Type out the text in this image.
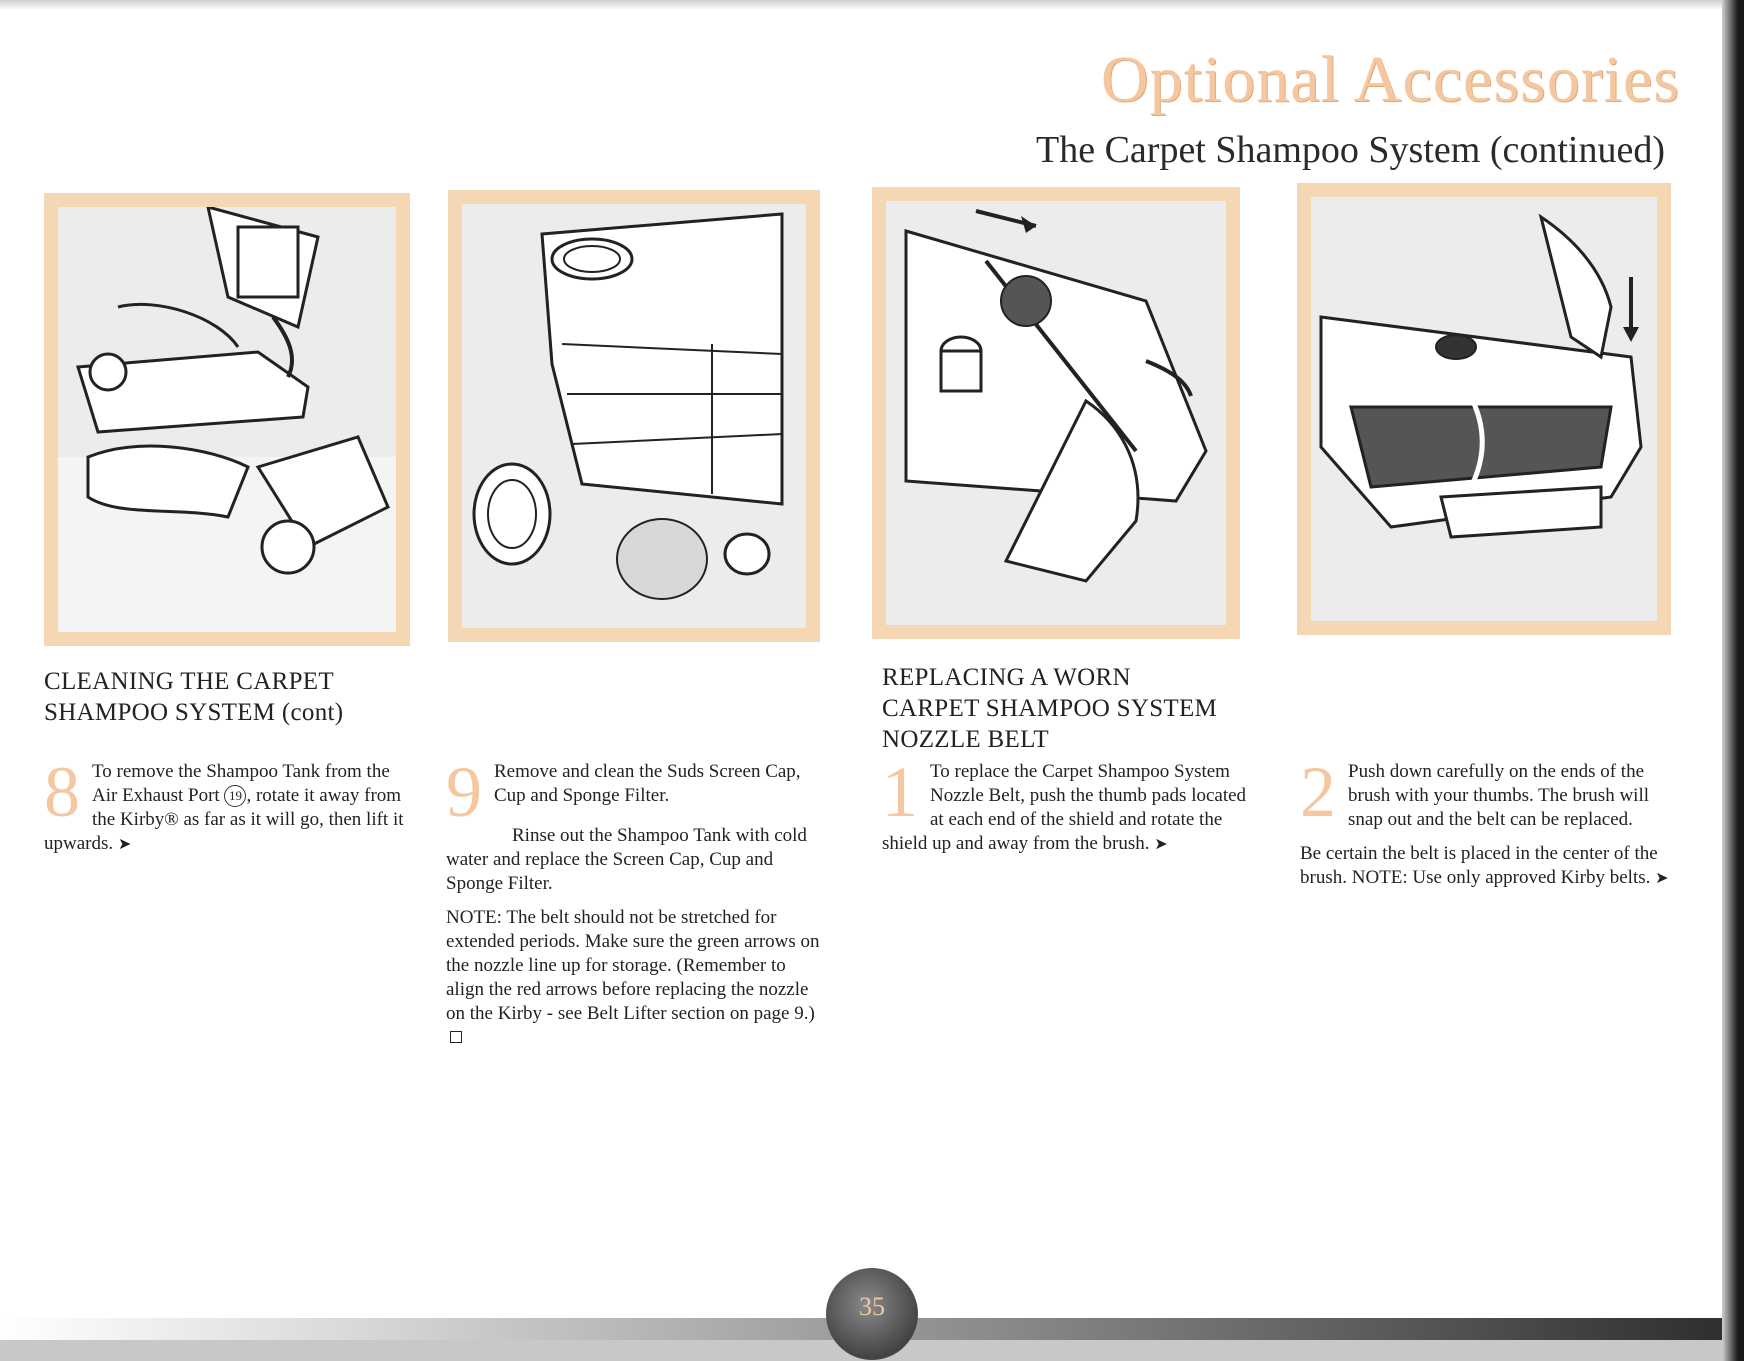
Optional Accessories
The Carpet Shampoo System (continued)
CLEANING THE CARPET
SHAMPOO SYSTEM (cont)
8 To remove the Shampoo Tank from the Air Exhaust Port 19 , rotate it away from the Kirby® as far as it will go, then lift it upwards. ➤

9 Remove and clean the Suds Screen Cap, Cup and Sponge Filter.

Rinse out the Shampoo Tank with cold water and replace the Screen Cap, Cup and Sponge Filter.

NOTE: The belt should not be stretched for extended periods. Make sure the green arrows on the nozzle line up for storage. (Remember to align the red arrows before replacing the nozzle on the Kirby - see Belt Lifter section on page 9.)

REPLACING A WORN
CARPET SHAMPOO SYSTEM
NOZZLE BELT
1 To replace the Carpet Shampoo System Nozzle Belt, push the thumb pads located at each end of the shield and rotate the shield up and away from the brush. ➤

2 Push down carefully on the ends of the brush with your thumbs. The brush will snap out and the belt can be replaced.

Be certain the belt is placed in the center of the brush. NOTE: Use only approved Kirby belts. ➤

35
